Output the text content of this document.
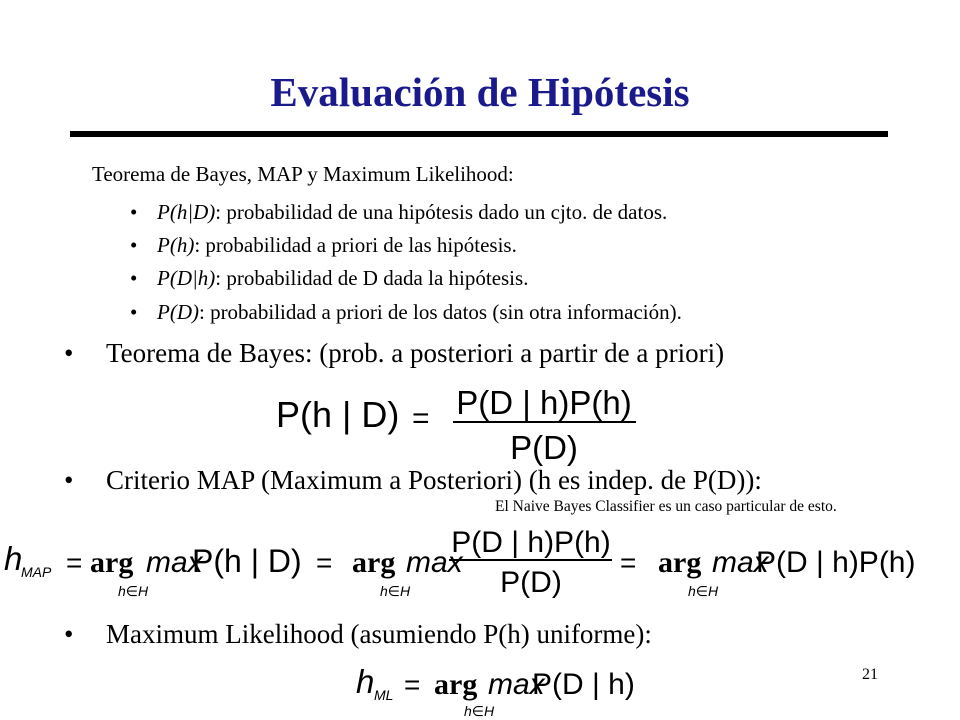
Evaluación de Hipótesis
Teorema de Bayes, MAP y Maximum Likelihood:
• P(h|D): probabilidad de una hipótesis dado un cjto. de datos.
• P(h): probabilidad a priori de las hipótesis.
• P(D|h): probabilidad de D dada la hipótesis.
• P(D): probabilidad a priori de los datos (sin otra información).
• Teorema de Bayes: (prob. a posteriori a partir de a priori)
P(h | D) = P(D | h)P(h)
P(D)
• Criterio MAP (Maximum a Posteriori) (h es indep. de P(D)):
El Naive Bayes Classifier es un caso particular de esto.
h
MAP = arg max
h∈H
P(h | D) = arg max
h∈H
P(D | h)P(h)
P(D)
= arg max
h∈H
P(D | h)P(h)
• Maximum Likelihood (asumiendo P(h) uniforme):
h ML = arg max
h∈H
P(D | h)	21
